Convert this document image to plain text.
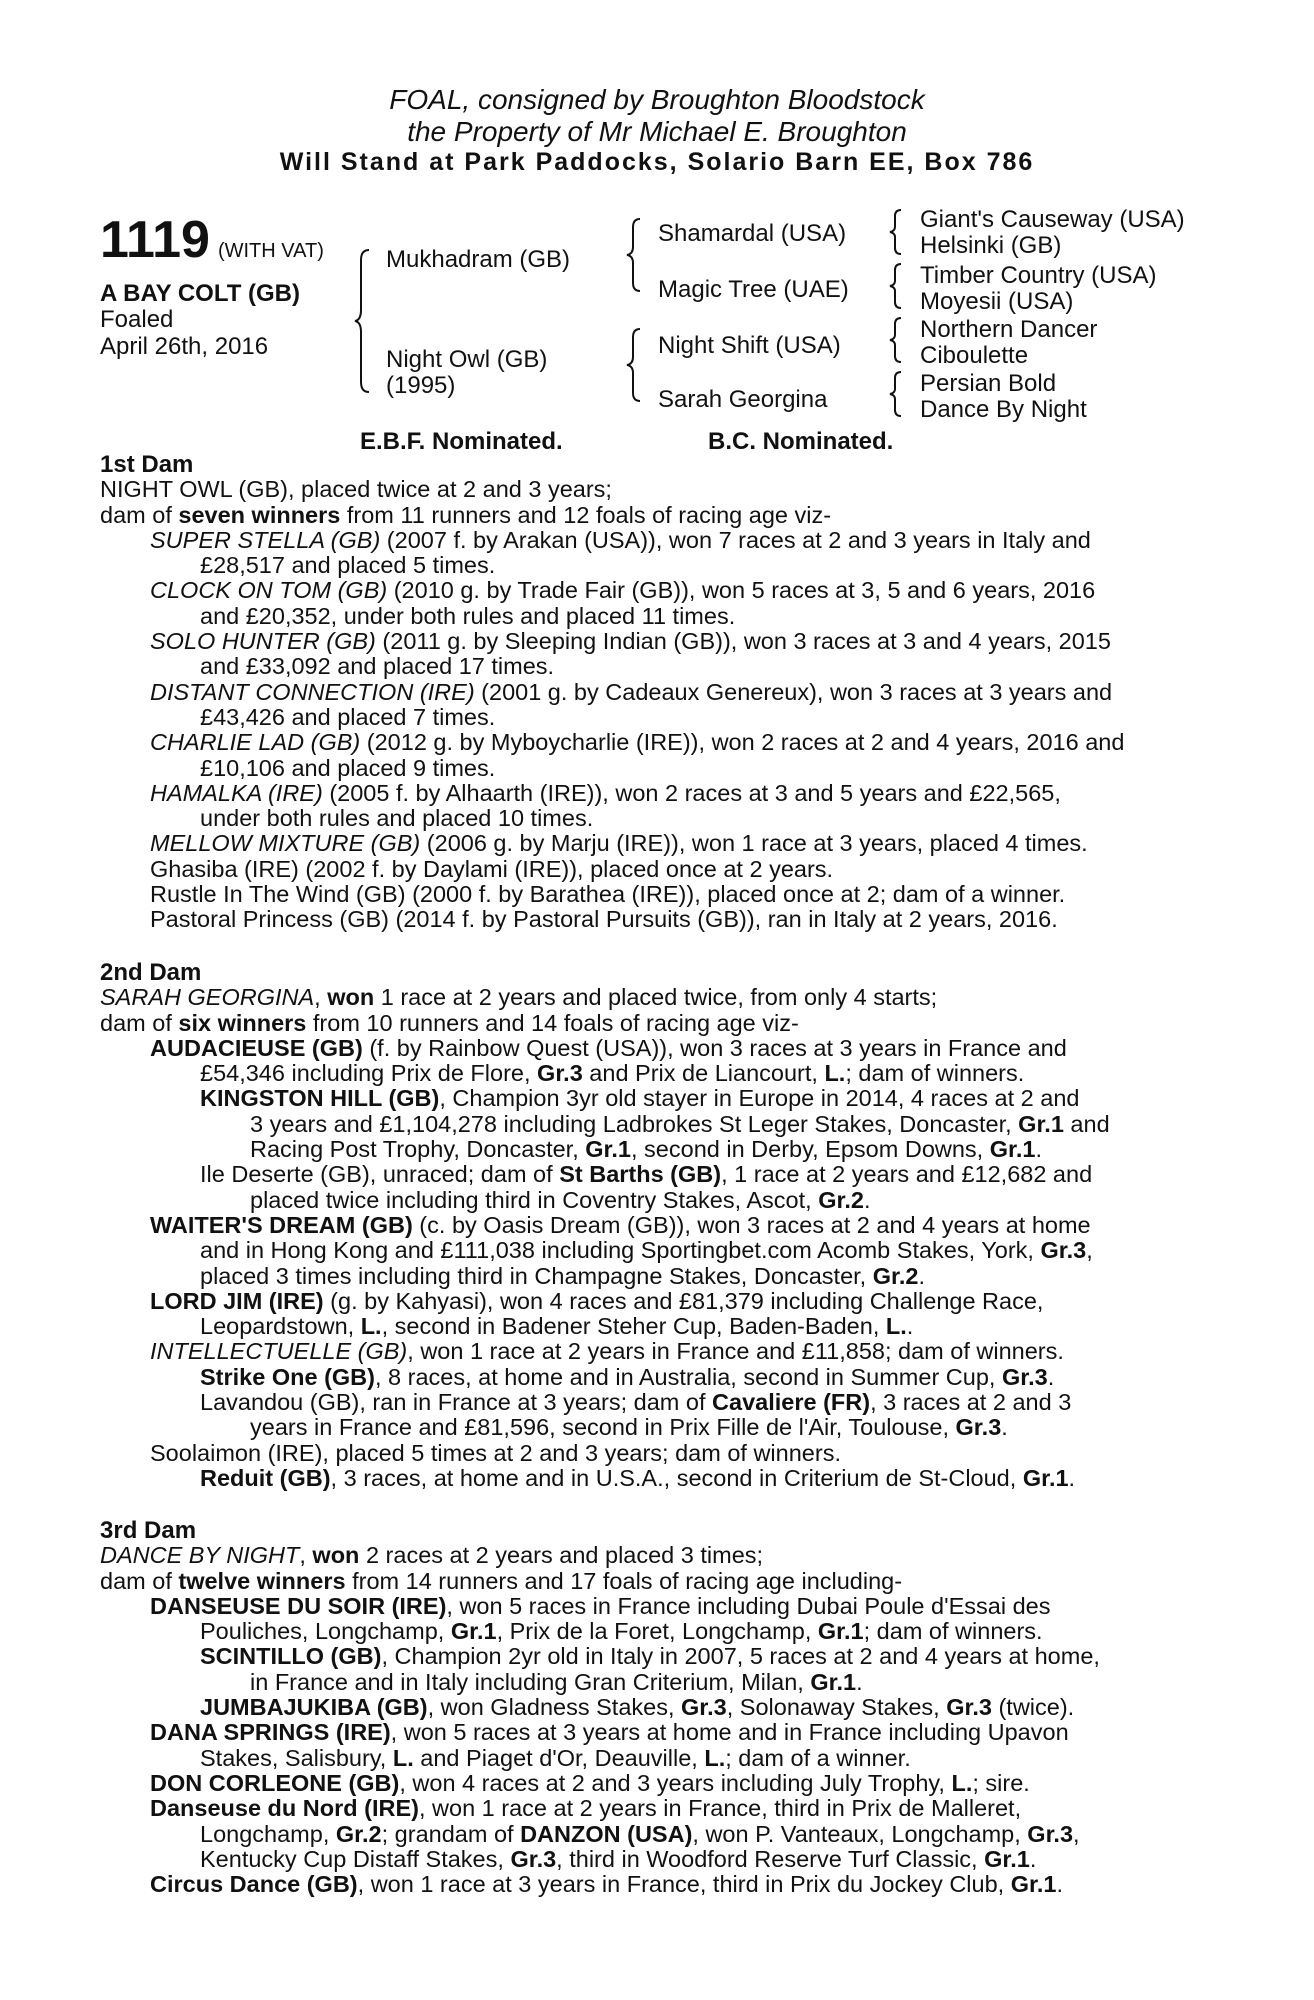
FOAL, consigned by Broughton Bloodstock
the Property of Mr Michael E. Broughton
Will Stand at Park Paddocks, Solario Barn EE, Box 786
1119 (WITH VAT)
A BAY COLT (GB)
Foaled
April 26th, 2016
Mukhadram (GB)
Night Owl (GB)
(1995)
Shamardal (USA)
Magic Tree (UAE)
Night Shift (USA)
Sarah Georgina
Giant's Causeway (USA)
Helsinki (GB)
Timber Country (USA)
Moyesii (USA)
Northern Dancer
Ciboulette
Persian Bold
Dance By Night
E.B.F. Nominated.	B.C. Nominated.
1st Dam
NIGHT OWL (GB), placed twice at 2 and 3 years;
dam of seven winners from 11 runners and 12 foals of racing age viz-
SUPER STELLA (GB) (2007 f. by Arakan (USA)), won 7 races at 2 and 3 years in Italy and
£28,517 and placed 5 times.
CLOCK ON TOM (GB) (2010 g. by Trade Fair (GB)), won 5 races at 3, 5 and 6 years, 2016
and £20,352, under both rules and placed 11 times.
SOLO HUNTER (GB) (2011 g. by Sleeping Indian (GB)), won 3 races at 3 and 4 years, 2015
and £33,092 and placed 17 times.
DISTANT CONNECTION (IRE) (2001 g. by Cadeaux Genereux), won 3 races at 3 years and
£43,426 and placed 7 times.
CHARLIE LAD (GB) (2012 g. by Myboycharlie (IRE)), won 2 races at 2 and 4 years, 2016 and
£10,106 and placed 9 times.
HAMALKA (IRE) (2005 f. by Alhaarth (IRE)), won 2 races at 3 and 5 years and £22,565,
under both rules and placed 10 times.
MELLOW MIXTURE (GB) (2006 g. by Marju (IRE)), won 1 race at 3 years, placed 4 times.
Ghasiba (IRE) (2002 f. by Daylami (IRE)), placed once at 2 years.
Rustle In The Wind (GB) (2000 f. by Barathea (IRE)), placed once at 2; dam of a winner.
Pastoral Princess (GB) (2014 f. by Pastoral Pursuits (GB)), ran in Italy at 2 years, 2016.
2nd Dam
SARAH GEORGINA, won 1 race at 2 years and placed twice, from only 4 starts;
dam of six winners from 10 runners and 14 foals of racing age viz-
AUDACIEUSE (GB) (f. by Rainbow Quest (USA)), won 3 races at 3 years in France and
£54,346 including Prix de Flore, Gr.3 and Prix de Liancourt, L.; dam of winners.
KINGSTON HILL (GB), Champion 3yr old stayer in Europe in 2014, 4 races at 2 and
3 years and £1,104,278 including Ladbrokes St Leger Stakes, Doncaster, Gr.1 and
Racing Post Trophy, Doncaster, Gr.1, second in Derby, Epsom Downs, Gr.1.
Ile Deserte (GB), unraced; dam of St Barths (GB), 1 race at 2 years and £12,682 and
placed twice including third in Coventry Stakes, Ascot, Gr.2.
WAITER'S DREAM (GB) (c. by Oasis Dream (GB)), won 3 races at 2 and 4 years at home
and in Hong Kong and £111,038 including Sportingbet.com Acomb Stakes, York, Gr.3,
placed 3 times including third in Champagne Stakes, Doncaster, Gr.2.
LORD JIM (IRE) (g. by Kahyasi), won 4 races and £81,379 including Challenge Race,
Leopardstown, L., second in Badener Steher Cup, Baden-Baden, L..
INTELLECTUELLE (GB), won 1 race at 2 years in France and £11,858; dam of winners.
Strike One (GB), 8 races, at home and in Australia, second in Summer Cup, Gr.3.
Lavandou (GB), ran in France at 3 years; dam of Cavaliere (FR), 3 races at 2 and 3
years in France and £81,596, second in Prix Fille de l'Air, Toulouse, Gr.3.
Soolaimon (IRE), placed 5 times at 2 and 3 years; dam of winners.
Reduit (GB), 3 races, at home and in U.S.A., second in Criterium de St-Cloud, Gr.1.
3rd Dam
DANCE BY NIGHT, won 2 races at 2 years and placed 3 times;
dam of twelve winners from 14 runners and 17 foals of racing age including-
DANSEUSE DU SOIR (IRE), won 5 races in France including Dubai Poule d'Essai des
Pouliches, Longchamp, Gr.1, Prix de la Foret, Longchamp, Gr.1; dam of winners.
SCINTILLO (GB), Champion 2yr old in Italy in 2007, 5 races at 2 and 4 years at home,
in France and in Italy including Gran Criterium, Milan, Gr.1.
JUMBAJUKIBA (GB), won Gladness Stakes, Gr.3, Solonaway Stakes, Gr.3 (twice).
DANA SPRINGS (IRE), won 5 races at 3 years at home and in France including Upavon
Stakes, Salisbury, L. and Piaget d'Or, Deauville, L.; dam of a winner.
DON CORLEONE (GB), won 4 races at 2 and 3 years including July Trophy, L.; sire.
Danseuse du Nord (IRE), won 1 race at 2 years in France, third in Prix de Malleret,
Longchamp, Gr.2; grandam of DANZON (USA), won P. Vanteaux, Longchamp, Gr.3,
Kentucky Cup Distaff Stakes, Gr.3, third in Woodford Reserve Turf Classic, Gr.1.
Circus Dance (GB), won 1 race at 3 years in France, third in Prix du Jockey Club, Gr.1.
